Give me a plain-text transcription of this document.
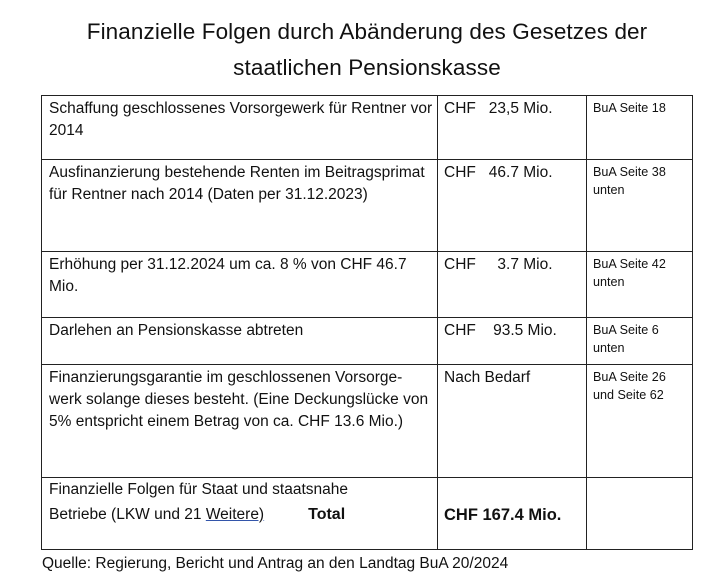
Finanzielle Folgen durch Abänderung des Gesetzes der
staatlichen Pensionskasse
Schaffung geschlossenes Vorsorgewerk für Rentner vor 2014	CHF   23,5 Mio.	BuA Seite 18

Ausfinanzierung bestehende Renten im Beitragsprimat für Rentner nach 2014 (Daten per 31.12.2023)	CHF   46.7 Mio.	BuA Seite 38 unten

Erhöhung per 31.12.2024 um ca. 8 % von CHF 46.7 Mio.	CHF     3.7 Mio.	BuA Seite 42 unten

Darlehen an Pensionskasse abtreten	CHF    93.5 Mio.	BuA Seite 6 unten

Finanzierungsgarantie im geschlossenen Vorsorge-werk solange dieses besteht. (Eine Deckungslücke von 5% entspricht einem Betrag von ca. CHF 13.6 Mio.)	Nach Bedarf	BuA Seite 26 und Seite 62

Finanzielle Folgen für Staat und staatsnahe
Betriebe (LKW und 21 Weitere) Total	CHF 167.4 Mio.	

Quelle: Regierung, Bericht und Antrag an den Landtag BuA 20/2024
